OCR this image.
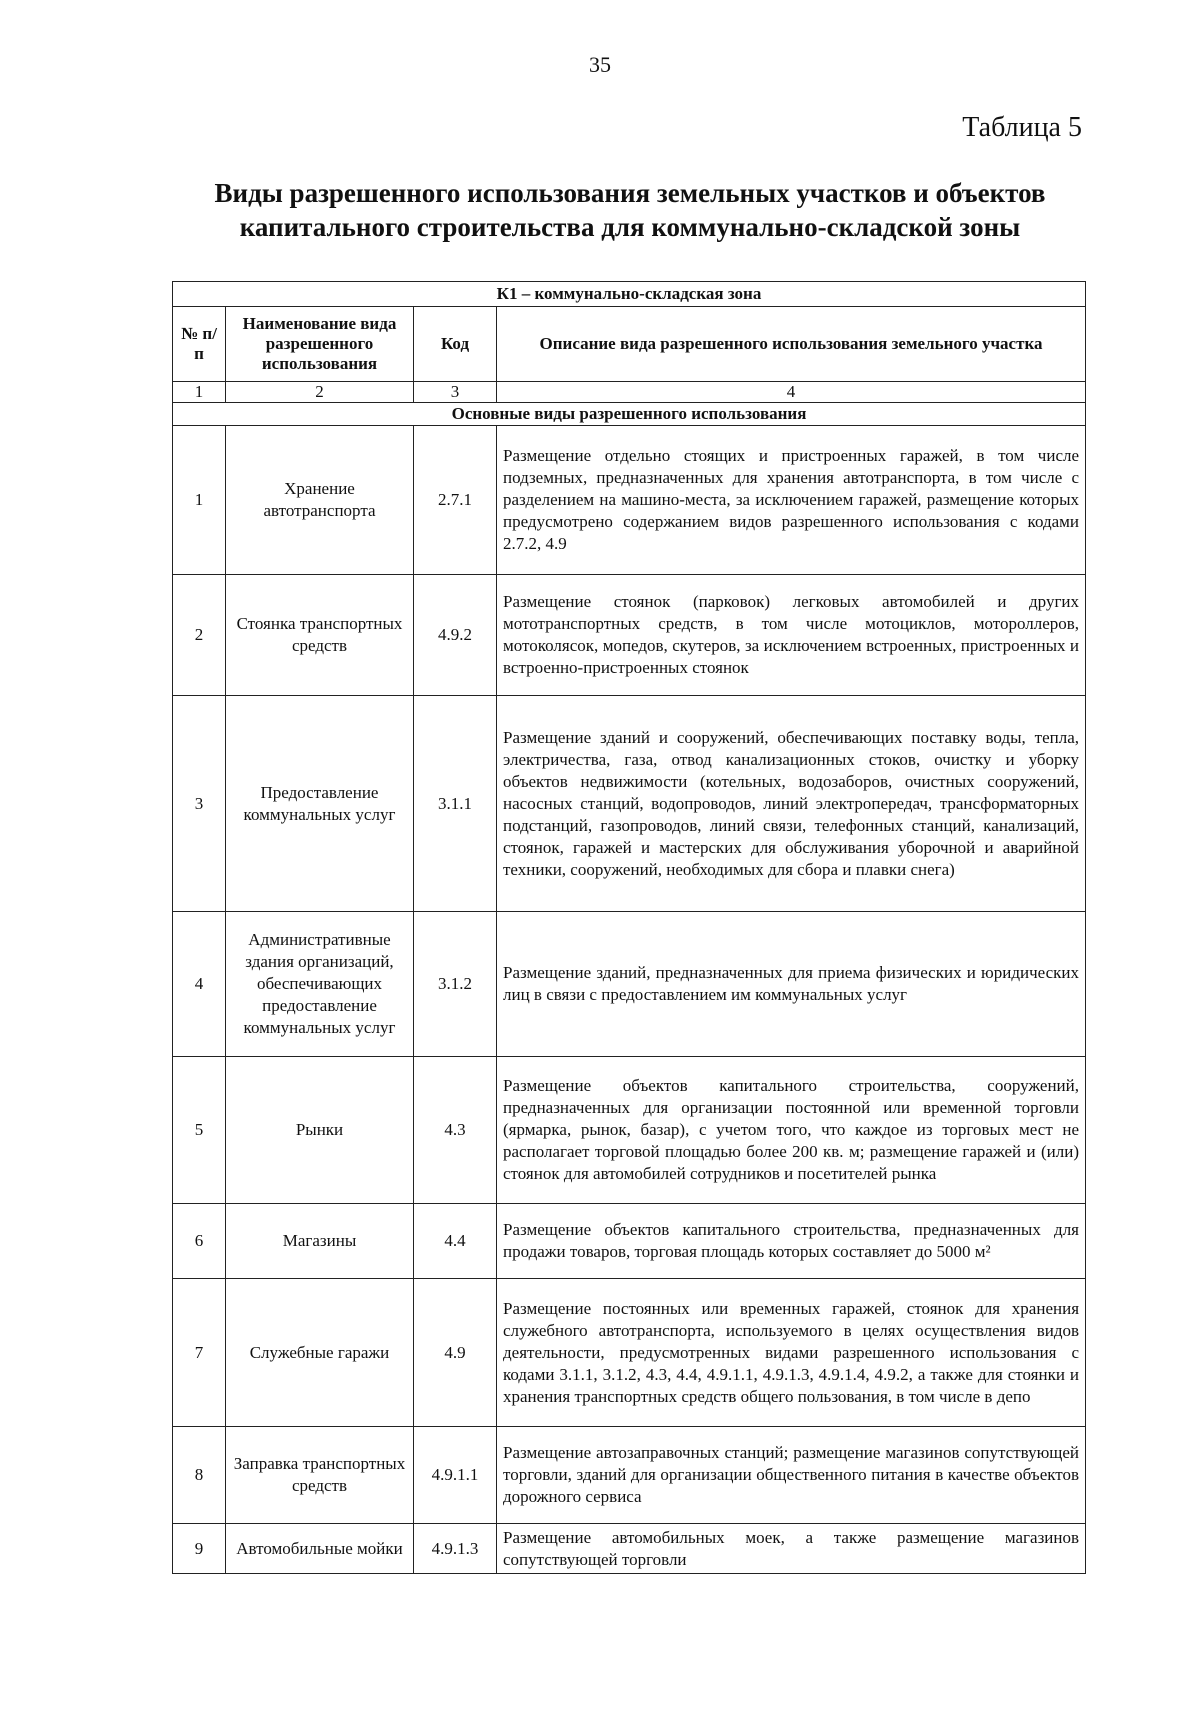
35
Таблица 5
Виды разрешенного использования земельных участков и объектов
капитального строительства для коммунально-складской зоны
К1 – коммунально-складская зона			
№ п/п	Наименование вида разрешенного использования	Код	Описание вида разрешенного использования земельного участка
1	2	3	4
Основные виды разрешенного использования			
1	Хранение автотранспорта	2.7.1	Размещение отдельно стоящих и пристроенных гаражей, в том числе подземных, предназначенных для хранения автотранспорта, в том числе с разделением на машино-места, за исключением гаражей, размещение которых предусмотрено содержанием видов разрешенного использования с кодами 2.7.2, 4.9
2	Стоянка транспортных средств	4.9.2	Размещение стоянок (парковок) легковых автомобилей и других мототранспортных средств, в том числе мотоциклов, мотороллеров, мотоколясок, мопедов, скутеров, за исключением встроенных, пристроенных и встроенно-пристроенных стоянок
3	Предоставление коммунальных услуг	3.1.1	Размещение зданий и сооружений, обеспечивающих поставку воды, тепла, электричества, газа, отвод канализационных стоков, очистку и уборку объектов недвижимости (котельных, водозаборов, очистных сооружений, насосных станций, водопроводов, линий электропередач, трансформаторных подстанций, газопроводов, линий связи, телефонных станций, канализаций, стоянок, гаражей и мастерских для обслуживания уборочной и аварийной техники, сооружений, необходимых для сбора и плавки снега)
4	Административные здания организаций, обеспечивающих предоставление коммунальных услуг	3.1.2	Размещение зданий, предназначенных для приема физических и юридических лиц в связи с предоставлением им коммунальных услуг
5	Рынки	4.3	Размещение объектов капитального строительства, сооружений, предназначенных для организации постоянной или временной торговли (ярмарка, рынок, базар), с учетом того, что каждое из торговых мест не располагает торговой площадью более 200 кв. м; размещение гаражей и (или) стоянок для автомобилей сотрудников и посетителей рынка
6	Магазины	4.4	Размещение объектов капитального строительства, предназначенных для продажи товаров, торговая площадь которых составляет до 5000 м²
7	Служебные гаражи	4.9	Размещение постоянных или временных гаражей, стоянок для хранения служебного автотранспорта, используемого в целях осуществления видов деятельности, предусмотренных видами разрешенного использования с кодами 3.1.1, 3.1.2, 4.3, 4.4, 4.9.1.1, 4.9.1.3, 4.9.1.4, 4.9.2, а также для стоянки и хранения транспортных средств общего пользования, в том числе в депо
8	Заправка транспортных средств	4.9.1.1	Размещение автозаправочных станций; размещение магазинов сопутствующей торговли, зданий для организации общественного питания в качестве объектов дорожного сервиса
9	Автомобильные мойки	4.9.1.3	Размещение автомобильных моек, а также размещение магазинов сопутствующей торговли
